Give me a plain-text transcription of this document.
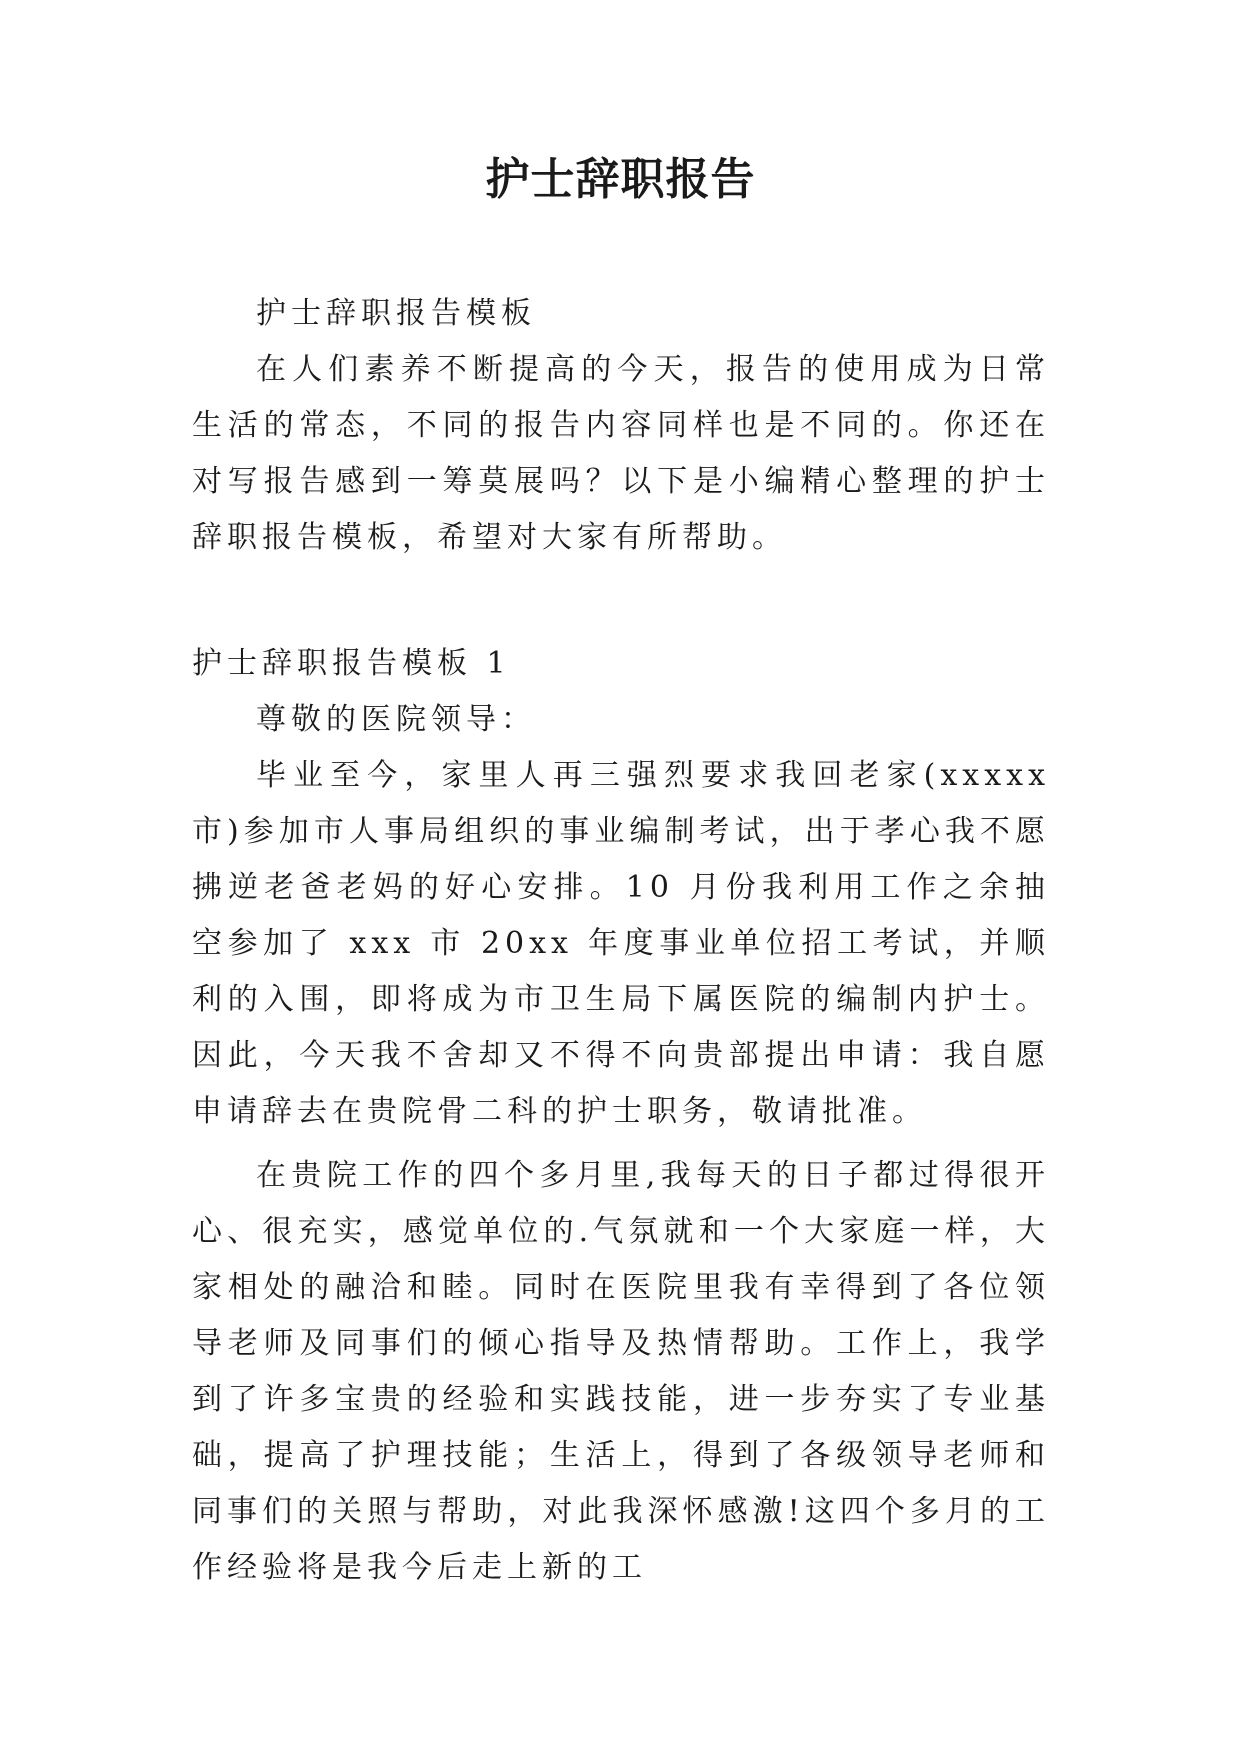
护士辞职报告

护士辞职报告模板

在人们素养不断提高的今天，报告的使用成为日常生活的常态，不同的报告内容同样也是不同的。你还在对写报告感到一筹莫展吗？以下是小编精心整理的护士辞职报告模板，希望对大家有所帮助。

护士辞职报告模板 1

尊敬的医院领导：

毕业至今，家里人再三强烈要求我回老家(xxxxx 市)参加市人事局组织的事业编制考试，出于孝心我不愿拂逆老爸老妈的好心安排。10 月份我利用工作之余抽空参加了 xxx 市 20xx 年度事业单位招工考试，并顺利的入围，即将成为市卫生局下属医院的编制内护士。因此，今天我不舍却又不得不向贵部提出申请：我自愿申请辞去在贵院骨二科的护士职务，敬请批准。

在贵院工作的四个多月里,我每天的日子都过得很开心、很充实，感觉单位的.气氛就和一个大家庭一样，大家相处的融洽和睦。同时在医院里我有幸得到了各位领导老师及同事们的倾心指导及热情帮助。工作上，我学到了许多宝贵的经验和实践技能，进一步夯实了专业基础，提高了护理技能；生活上，得到了各级领导老师和同事们的关照与帮助，对此我深怀感激!这四个多月的工作经验将是我今后走上新的工
